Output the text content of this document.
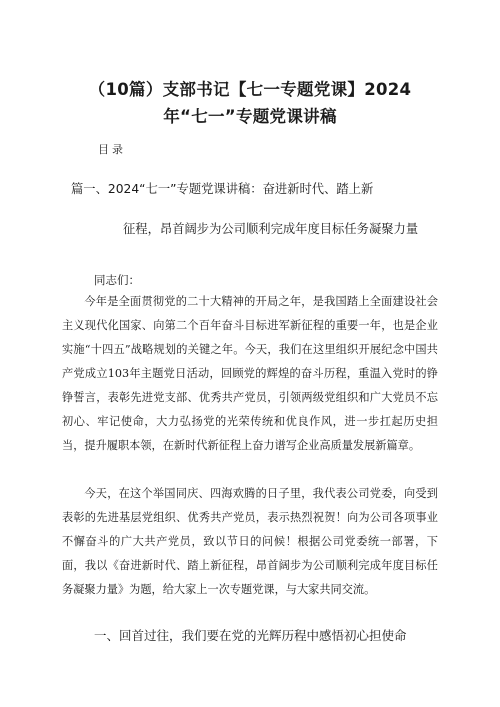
（10篇）支部书记【七一专题党课】2024
年“七一”专题党课讲稿
目录
篇一、2024“七一”专题党课讲稿：奋进新时代、踏上新
征程，昂首阔步为公司顺利完成年度目标任务凝聚力量
同志们：

今年是全面贯彻党的二十大精神的开局之年，是我国踏上全面建设社会主义现代化国家、向第二个百年奋斗目标进军新征程的重要一年，也是企业实施“十四五”战略规划的关键之年。今天，我们在这里组织开展纪念中国共产党成立103年主题党日活动，回顾党的辉煌的奋斗历程，重温入党时的铮铮誓言，表彰先进党支部、优秀共产党员，引领两级党组织和广大党员不忘初心、牢记使命，大力弘扬党的光荣传统和优良作风，进一步扛起历史担当，提升履职本领，在新时代新征程上奋力谱写企业高质量发展新篇章。

今天，在这个举国同庆、四海欢腾的日子里，我代表公司党委，向受到表彰的先进基层党组织、优秀共产党员，表示热烈祝贺！向为公司各项事业不懈奋斗的广大共产党员，致以节日的问候！根据公司党委统一部署，下面，我以《奋进新时代、踏上新征程，昂首阔步为公司顺利完成年度目标任务凝聚力量》为题，给大家上一次专题党课，与大家共同交流。

一、回首过往，我们要在党的光辉历程中感悟初心担使命
